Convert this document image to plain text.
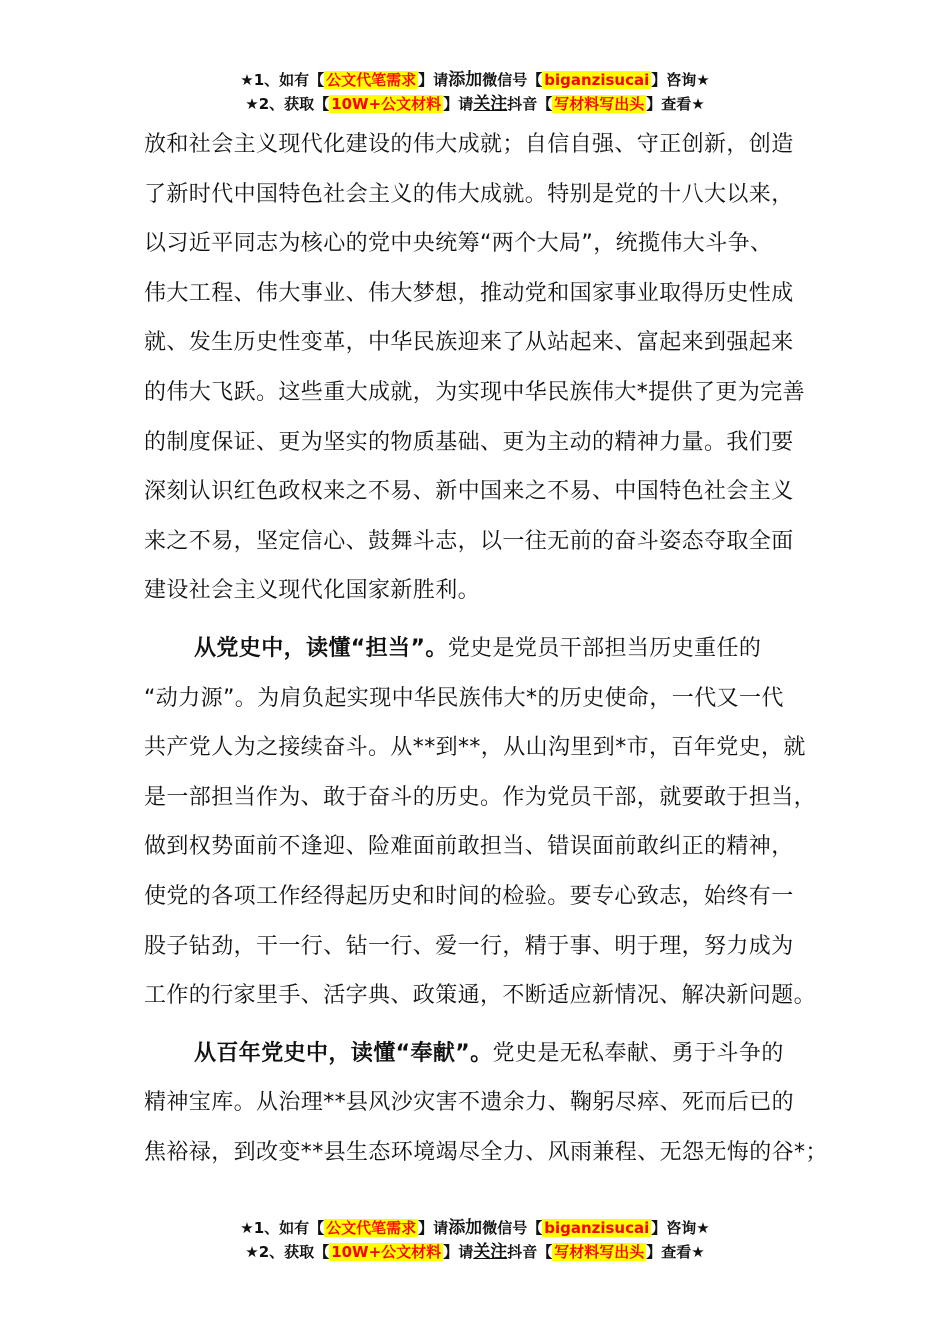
★1、如有【 公文代笔需求 】请添加微信号【 biganzisucai 】咨询★
★2、获取【 10W+公文材料 】请关注抖音【 写材料写出头 】查看★
放和社会主义现代化建设的伟大成就；自信自强、守正创新，创造
了新时代中国特色社会主义的伟大成就。特别是党的十八大以来，
以习近平同志为核心的党中央统筹“两个大局”，统揽伟大斗争、
伟大工程、伟大事业、伟大梦想，推动党和国家事业取得历史性成
就、发生历史性变革，中华民族迎来了从站起来、富起来到强起来
的伟大飞跃。这些重大成就，为实现中华民族伟大*提供了更为完善
的制度保证、更为坚实的物质基础、更为主动的精神力量。我们要
深刻认识红色政权来之不易、新中国来之不易、中国特色社会主义
来之不易，坚定信心、鼓舞斗志，以一往无前的奋斗姿态夺取全面
建设社会主义现代化国家新胜利。
从党史中，读懂“担当”。党史是党员干部担当历史重任的
“动力源”。为肩负起实现中华民族伟大*的历史使命，一代又一代
共产党人为之接续奋斗。从**到**，从山沟里到*市，百年党史，就
是一部担当作为、敢于奋斗的历史。作为党员干部，就要敢于担当，
做到权势面前不逢迎、险难面前敢担当、错误面前敢纠正的精神，
使党的各项工作经得起历史和时间的检验。要专心致志，始终有一
股子钻劲，干一行、钻一行、爱一行，精于事、明于理，努力成为
工作的行家里手、活字典、政策通，不断适应新情况、解决新问题。
从百年党史中，读懂“奉献”。党史是无私奉献、勇于斗争的
精神宝库。从治理**县风沙灾害不遗余力、鞠躬尽瘁、死而后已的
焦裕禄，到改变**县生态环境竭尽全力、风雨兼程、无怨无悔的谷*；
★1、如有【 公文代笔需求 】请添加微信号【 biganzisucai 】咨询★
★2、获取【 10W+公文材料 】请关注抖音【 写材料写出头 】查看★
